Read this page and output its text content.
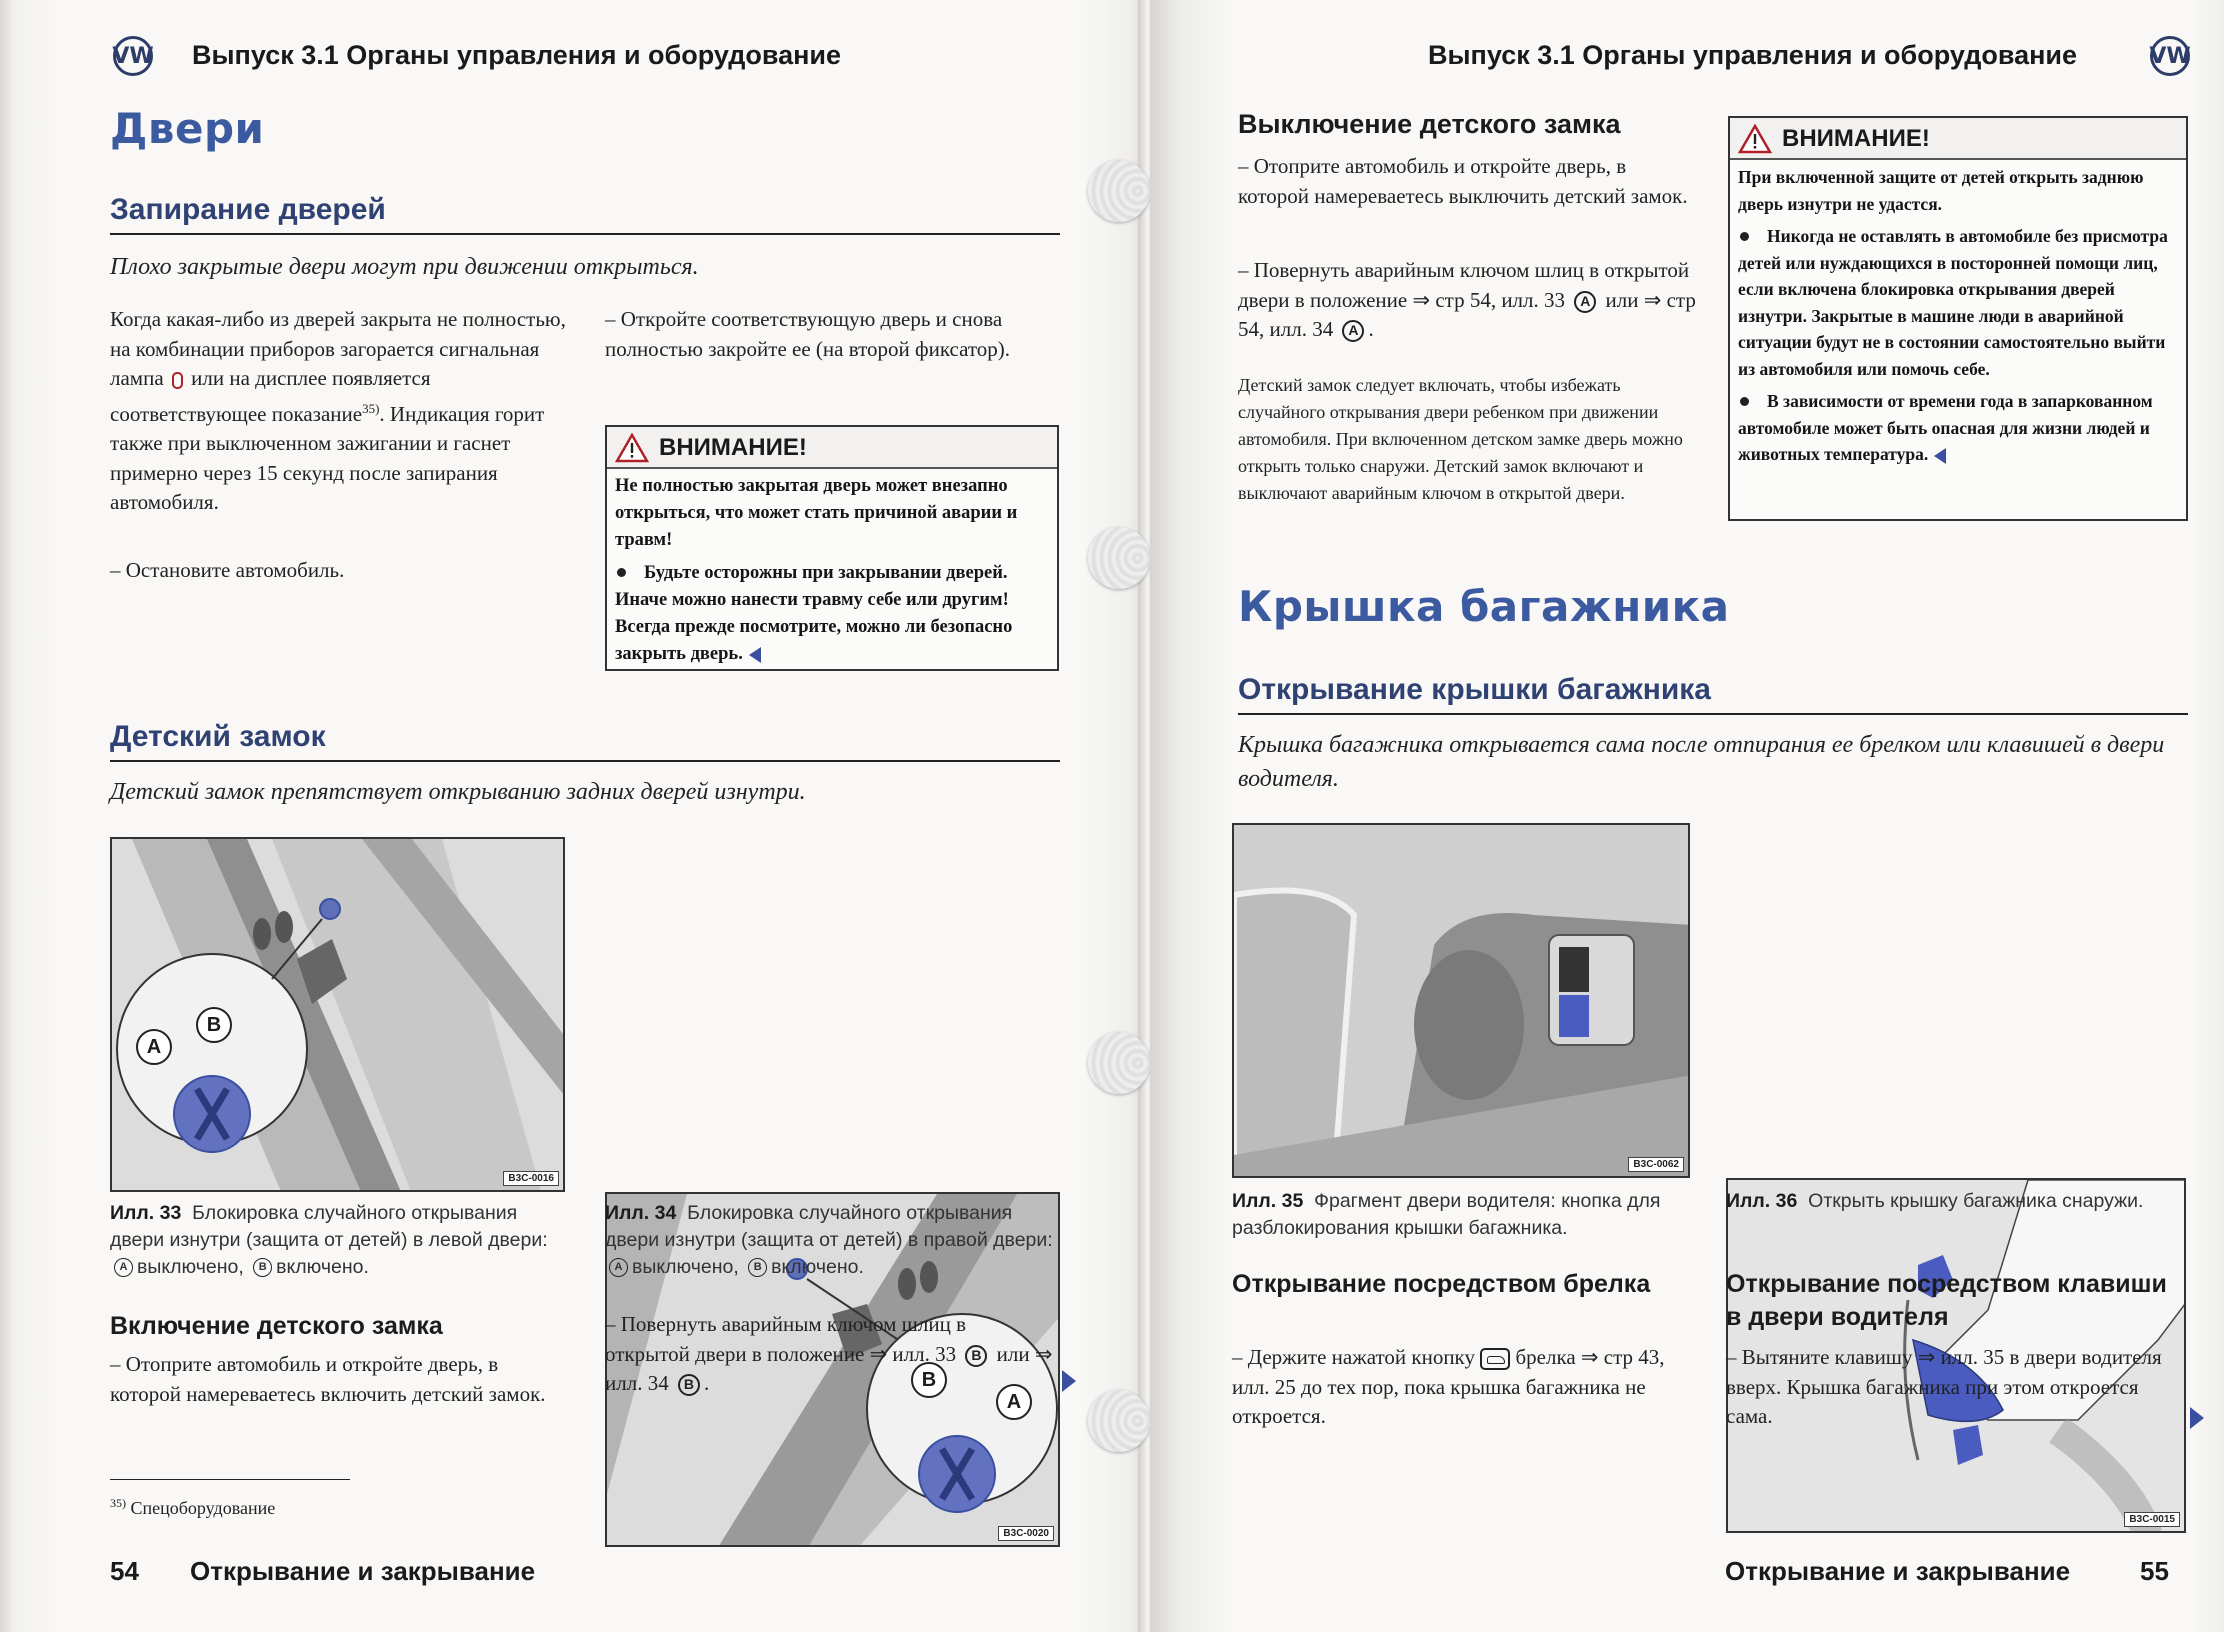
VW Выпуск 3.1 Органы управления и оборудование
Двери
Запирание дверей
Плохо закрытые двери могут при движении открыться.
Когда какая-либо из дверей закрыта не полностью, на комбинации приборов загорается сигнальная лампа или на дисплее появляется соответствующее показание$^{35)}$. Индикация горит также при выключенном зажигании и гаснет примерно через 15 секунд после запирания автомобиля.
– Остановите автомобиль.
– Откройте соответствующую дверь и снова полностью закройте ее (на второй фиксатор).
ВНИМАНИЕ!

Не полностью закрытая дверь может внезапно открыться, что может стать причиной аварии и травм!

Будьте осторожны при закрывании дверей. Иначе можно нанести травму себе или другим! Всегда прежде посмотрите, можно ли безопасно закрыть дверь.

Детский замок
Детский замок препятствует открыванию задних дверей изнутри.
A
B
B3C-0016
B
A
B3C-0020
Илл. 33 Блокировка случайного открывания двери изнутри (защита от детей) в левой двери: A выключено, B включено.
Илл. 34 Блокировка случайного открывания двери изнутри (защита от детей) в правой двери: A выключено, B включено.
Включение детского замка
– Отоприте автомобиль и откройте дверь, в которой намереваетесь включить детский замок.
– Повернуть аварийным ключом шлиц в открытой двери в положение ⇒ илл. 33 B или ⇒ илл. 34 B .
$^{35)}$ Спецоборудование
54 Открывание и закрывание
Выпуск 3.1 Органы управления и оборудование	VW
Выключение детского замка
– Отоприте автомобиль и откройте дверь, в которой намереваетесь выключить детский замок.
– Повернуть аварийным ключом шлиц в открытой двери в положение ⇒ стр 54, илл. 33 A или ⇒ стр 54, илл. 34 A .
Детский замок следует включать, чтобы избежать случайного открывания двери ребенком при движении автомобиля. При включенном детском замке дверь можно открыть только снаружи. Детский замок включают и выключают аварийным ключом в открытой двери.
ВНИМАНИЕ!

При включенной защите от детей открыть заднюю дверь изнутри не удастся.

Никогда не оставлять в автомобиле без присмотра детей или нуждающихся в посторонней помощи лиц, если включена блокировка открывания дверей изнутри. Закрытые в машине люди в аварийной ситуации будут не в состоянии самостоятельно выйти из автомобиля или помочь себе.

В зависимости от времени года в запаркованном автомобиле может быть опасная для жизни людей и животных температура.

Крышка багажника
Открывание крышки багажника
Крышка багажника открывается сама после отпирания ее брелком или клавишей в двери водителя.
B3C-0062
B3C-0015
Илл. 35 Фрагмент двери водителя: кнопка для разблокирования крышки багажника.
Илл. 36 Открыть крышку багажника снаружи.
Открывание посредством брелка
– Держите нажатой кнопку брелка ⇒ стр 43, илл. 25 до тех пор, пока крышка багажника не откроется.
Открывание посредством клавиши в двери водителя
– Вытяните клавишу ⇒ илл. 35 в двери водителя вверх. Крышка багажника при этом откроется сама.
Открывание и закрывание	55
